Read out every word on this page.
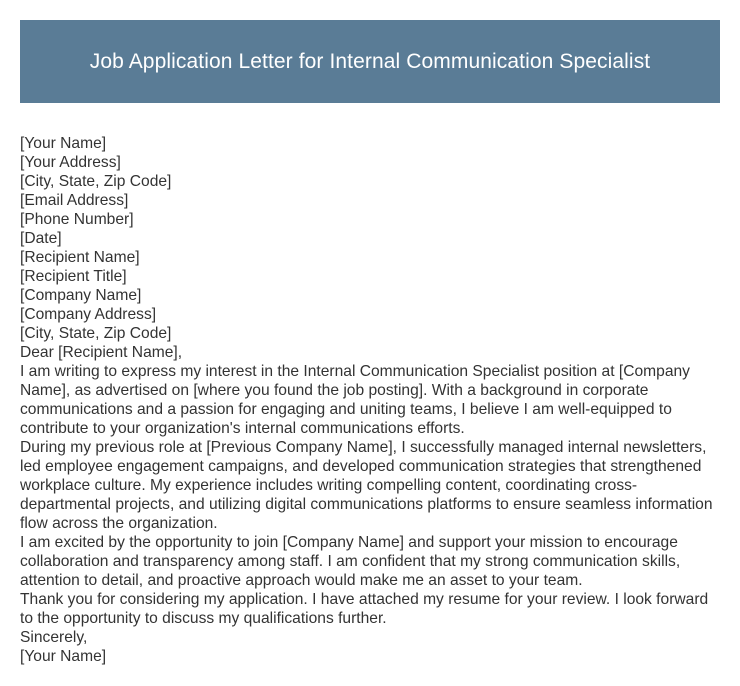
Job Application Letter for Internal Communication Specialist

[Your Name]

[Your Address]

[City, State, Zip Code]

[Email Address]

[Phone Number]

[Date]

[Recipient Name]

[Recipient Title]

[Company Name]

[Company Address]

[City, State, Zip Code]

Dear [Recipient Name],

I am writing to express my interest in the Internal Communication Specialist position at [Company Name], as advertised on [where you found the job posting]. With a background in corporate communications and a passion for engaging and uniting teams, I believe I am well-equipped to contribute to your organization's internal communications efforts.

During my previous role at [Previous Company Name], I successfully managed internal newsletters, led employee engagement campaigns, and developed communication strategies that strengthened workplace culture. My experience includes writing compelling content, coordinating cross-departmental projects, and utilizing digital communications platforms to ensure seamless information flow across the organization.

I am excited by the opportunity to join [Company Name] and support your mission to encourage collaboration and transparency among staff. I am confident that my strong communication skills, attention to detail, and proactive approach would make me an asset to your team.

Thank you for considering my application. I have attached my resume for your review. I look forward to the opportunity to discuss my qualifications further.

Sincerely,

[Your Name]
